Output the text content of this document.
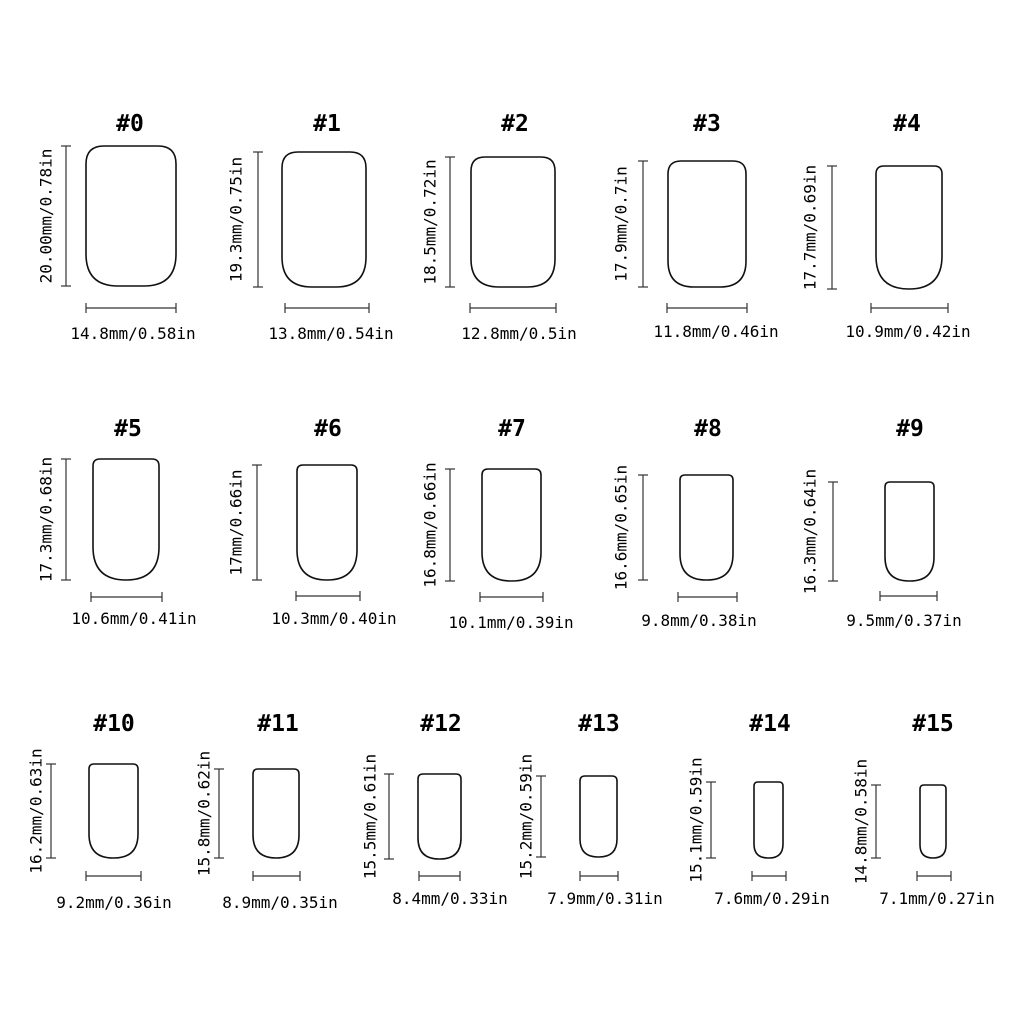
#0
20.00mm/0.78in
14.8mm/0.58in
#1
19.3mm/0.75in
13.8mm/0.54in
#2
18.5mm/0.72in
12.8mm/0.5in
#3
17.9mm/0.7in
11.8mm/0.46in
#4
17.7mm/0.69in
10.9mm/0.42in
#5
17.3mm/0.68in
10.6mm/0.41in
#6
17mm/0.66in
10.3mm/0.40in
#7
16.8mm/0.66in
10.1mm/0.39in
#8
16.6mm/0.65in
9.8mm/0.38in
#9
16.3mm/0.64in
9.5mm/0.37in
#10
16.2mm/0.63in
9.2mm/0.36in
#11
15.8mm/0.62in
8.9mm/0.35in
#12
15.5mm/0.61in
8.4mm/0.33in
#13
15.2mm/0.59in
7.9mm/0.31in
#14
15.1mm/0.59in
7.6mm/0.29in
#15
14.8mm/0.58in
7.1mm/0.27in
